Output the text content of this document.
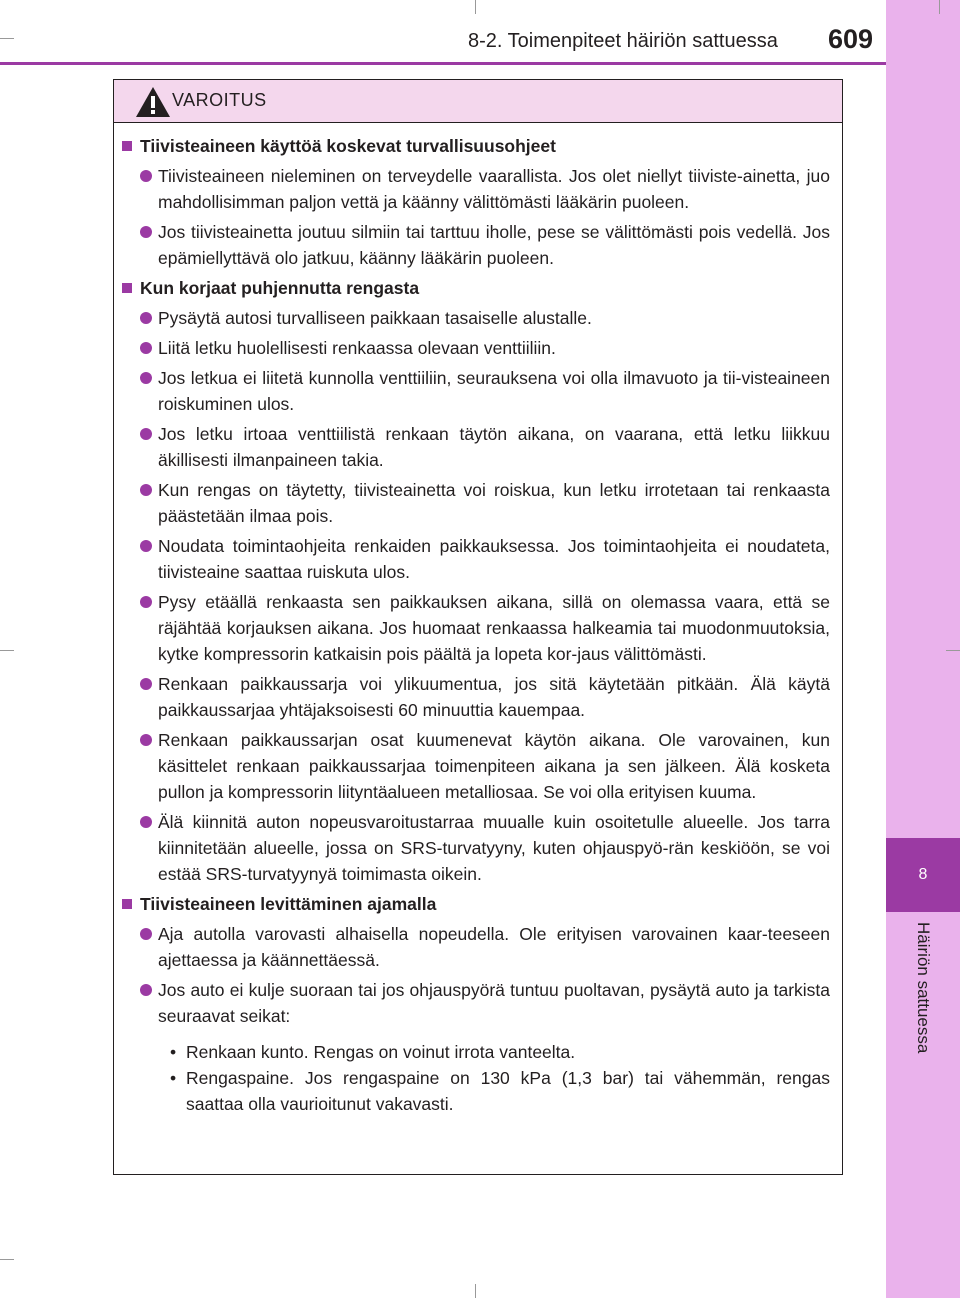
8
Häiriön sattuessa
8-2. Toimenpiteet häiriön sattuessa 609
VAROITUS
Tiivisteaineen käyttöä koskevat turvallisuusohjeet
Tiivisteaineen nieleminen on terveydelle vaarallista. Jos olet niellyt tiiviste-ainetta, juo mahdollisimman paljon vettä ja käänny välittömästi lääkärin puoleen.
Jos tiivisteainetta joutuu silmiin tai tarttuu iholle, pese se välittömästi pois vedellä. Jos epämiellyttävä olo jatkuu, käänny lääkärin puoleen.
Kun korjaat puhjennutta rengasta
Pysäytä autosi turvalliseen paikkaan tasaiselle alustalle.
Liitä letku huolellisesti renkaassa olevaan venttiiliin.
Jos letkua ei liitetä kunnolla venttiiliin, seurauksena voi olla ilmavuoto ja tii-visteaineen roiskuminen ulos.
Jos letku irtoaa venttiilistä renkaan täytön aikana, on vaarana, että letku liikkuu äkillisesti ilmanpaineen takia.
Kun rengas on täytetty, tiivisteainetta voi roiskua, kun letku irrotetaan tai renkaasta päästetään ilmaa pois.
Noudata toimintaohjeita renkaiden paikkauksessa. Jos toimintaohjeita ei noudateta, tiivisteaine saattaa ruiskuta ulos.
Pysy etäällä renkaasta sen paikkauksen aikana, sillä on olemassa vaara, että se räjähtää korjauksen aikana. Jos huomaat renkaassa halkeamia tai muodonmuutoksia, kytke kompressorin katkaisin pois päältä ja lopeta kor-jaus välittömästi.
Renkaan paikkaussarja voi ylikuumentua, jos sitä käytetään pitkään. Älä käytä paikkaussarjaa yhtäjaksoisesti 60 minuuttia kauempaa.
Renkaan paikkaussarjan osat kuumenevat käytön aikana. Ole varovainen, kun käsittelet renkaan paikkaussarjaa toimenpiteen aikana ja sen jälkeen. Älä kosketa pullon ja kompressorin liityntäalueen metalliosaa. Se voi olla erityisen kuuma.
Älä kiinnitä auton nopeusvaroitustarraa muualle kuin osoitetulle alueelle. Jos tarra kiinnitetään alueelle, jossa on SRS-turvatyyny, kuten ohjauspyö-rän keskiöön, se voi estää SRS-turvatyynyä toimimasta oikein.
Tiivisteaineen levittäminen ajamalla
Aja autolla varovasti alhaisella nopeudella. Ole erityisen varovainen kaar-teeseen ajettaessa ja käännettäessä.
Jos auto ei kulje suoraan tai jos ohjauspyörä tuntuu puoltavan, pysäytä auto ja tarkista seuraavat seikat:
• Renkaan kunto. Rengas on voinut irrota vanteelta.
• Rengaspaine. Jos rengaspaine on 130 kPa (1,3 bar) tai vähemmän, rengas saattaa olla vaurioitunut vakavasti.
